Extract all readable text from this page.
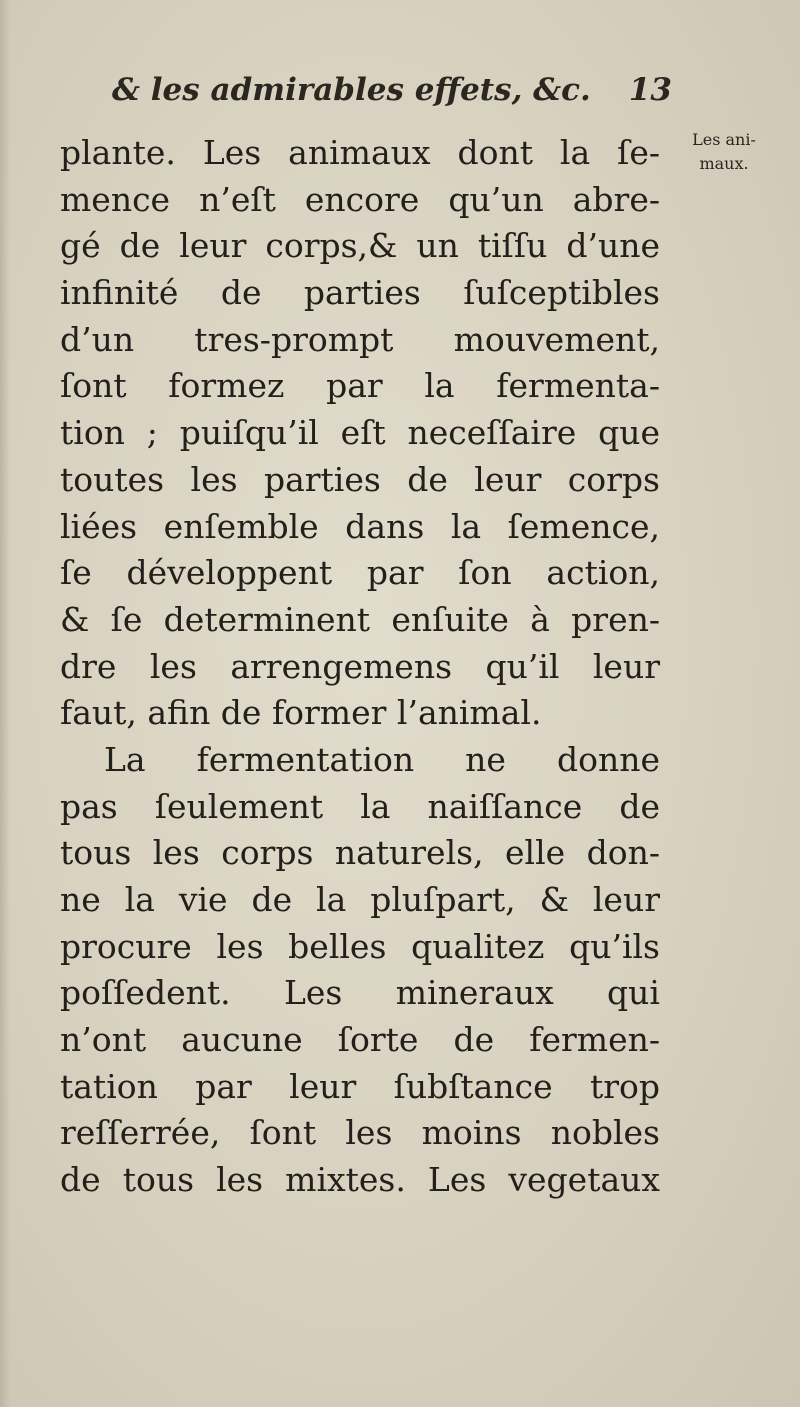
& les admirables effets, &c. 13
Les ani-
maux.
plante. Les animaux dont la ſe-
mence n’eſt encore qu’un abre-
gé de leur corps,& un tiſſu d’une
infinité de parties ſuſceptibles
d’un tres-prompt mouvement,
ſont formez par la fermenta-
tion ; puiſqu’il eſt neceſſaire que
toutes les parties de leur corps
liées enſemble dans la ſemence,
ſe développent par ſon action,
& ſe determinent enſuite à pren-
dre les arrengemens qu’il leur
faut, afin de former l’animal.
La fermentation ne donne
pas ſeulement la naiſſance de
tous les corps naturels, elle don-
ne la vie de la pluſpart, & leur
procure les belles qualitez qu’ils
poſſedent. Les mineraux qui
n’ont aucune ſorte de fermen-
tation par leur ſubſtance trop
reſſerrée, ſont les moins nobles
de tous les mixtes. Les vegetaux
